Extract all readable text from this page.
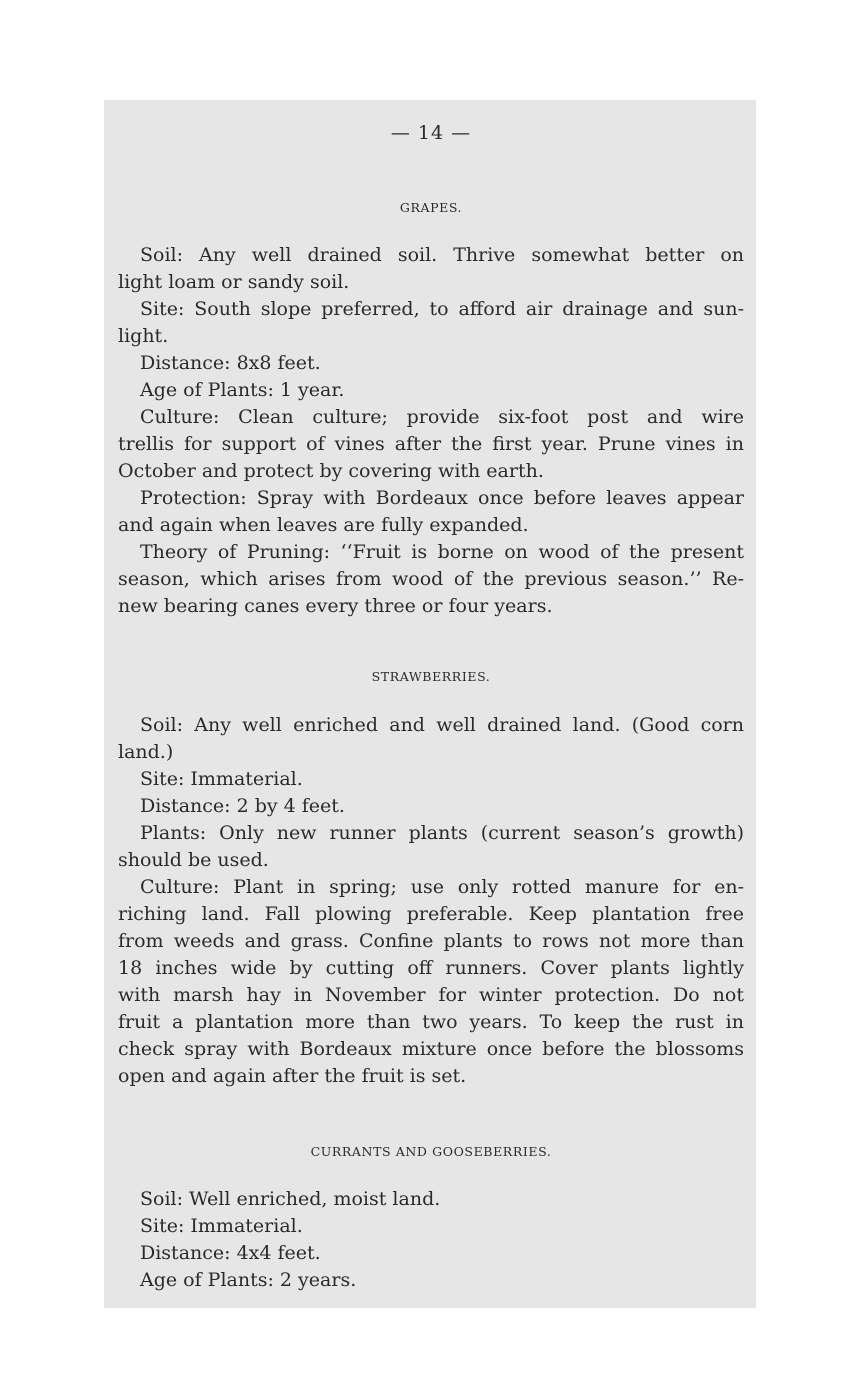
— 14 —
GRAPES.
Soil: Any well drained soil. Thrive somewhat better on
light loam or sandy soil.
Site: South slope preferred, to afford air drainage and sun-
light.
Distance: 8x8 feet.
Age of Plants: 1 year.
Culture: Clean culture; provide six-foot post and wire
trellis for support of vines after the first year. Prune vines in
October and protect by covering with earth.
Protection: Spray with Bordeaux once before leaves appear
and again when leaves are fully expanded.
Theory of Pruning: ‘‘Fruit is borne on wood of the present
season, which arises from wood of the previous season.’’ Re-
new bearing canes every three or four years.
STRAWBERRIES.
Soil: Any well enriched and well drained land. (Good corn
land.)
Site: Immaterial.
Distance: 2 by 4 feet.
Plants: Only new runner plants (current season’s growth)
should be used.
Culture: Plant in spring; use only rotted manure for en-
riching land. Fall plowing preferable. Keep plantation free
from weeds and grass. Confine plants to rows not more than
18 inches wide by cutting off runners. Cover plants lightly
with marsh hay in November for winter protection. Do not
fruit a plantation more than two years. To keep the rust in
check spray with Bordeaux mixture once before the blossoms
open and again after the fruit is set.
CURRANTS AND GOOSEBERRIES.
Soil: Well enriched, moist land.
Site: Immaterial.
Distance: 4x4 feet.
Age of Plants: 2 years.
